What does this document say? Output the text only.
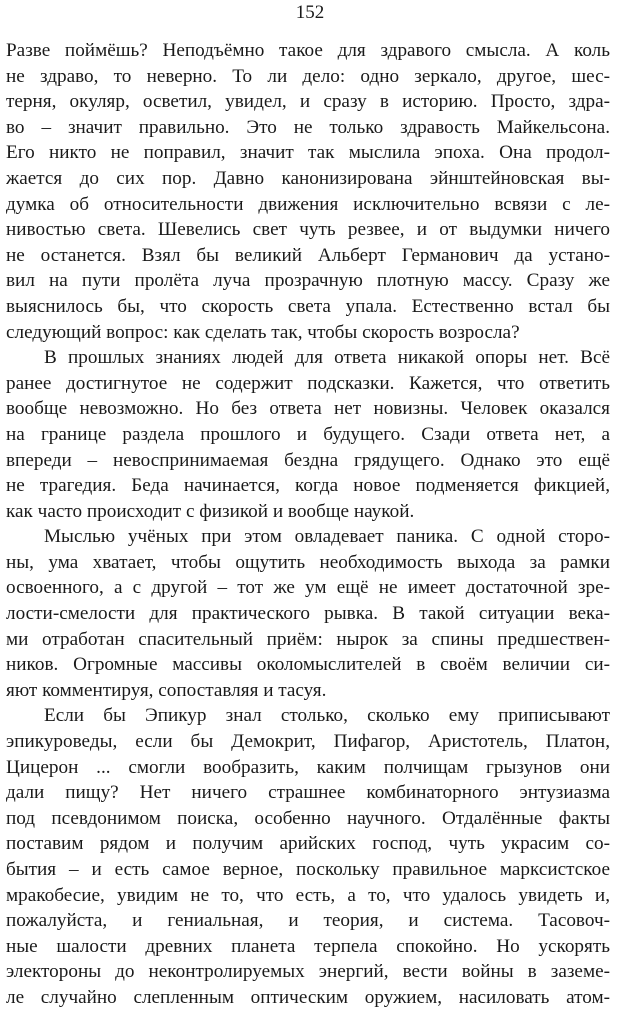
152
Разве поймёшь? Неподъёмно такое для здравого смысла. А коль
не здраво, то неверно. То ли дело: одно зеркало, другое, шес-
терня, окуляр, осветил, увидел, и сразу в историю. Просто, здра-
во – значит правильно. Это не только здравость Майкельсона.
Его никто не поправил, значит так мыслила эпоха. Она продол-
жается до сих пор. Давно канонизирована эйнштейновская вы-
думка об относительности движения исключительно всвязи с ле-
нивостью света. Шевелись свет чуть резвее, и от выдумки ничего
не останется. Взял бы великий Альберт Германович да устано-
вил на пути пролёта луча прозрачную плотную массу. Сразу же
выяснилось бы, что скорость света упала. Естественно встал бы
следующий вопрос: как сделать так, чтобы скорость возросла?
В прошлых знаниях людей для ответа никакой опоры нет. Всё
ранее достигнутое не содержит подсказки. Кажется, что ответить
вообще невозможно. Но без ответа нет новизны. Человек оказался
на границе раздела прошлого и будущего. Сзади ответа нет, а
впереди – невоспринимаемая бездна грядущего. Однако это ещё
не трагедия. Беда начинается, когда новое подменяется фикцией,
как часто происходит с физикой и вообще наукой.
Мыслью учёных при этом овладевает паника. С одной сторо-
ны, ума хватает, чтобы ощутить необходимость выхода за рамки
освоенного, а с другой – тот же ум ещё не имеет достаточной зре-
лости-смелости для практического рывка. В такой ситуации века-
ми отработан спасительный приём: нырок за спины предшествен-
ников. Огромные массивы околомыслителей в своём величии си-
яют комментируя, сопоставляя и тасуя.
Если бы Эпикур знал столько, сколько ему приписывают
эпикуроведы, если бы Демокрит, Пифагор, Аристотель, Платон,
Цицерон ... смогли вообразить, каким полчищам грызунов они
дали пищу? Нет ничего страшнее комбинаторного энтузиазма
под псевдонимом поиска, особенно научного. Отдалённые факты
поставим рядом и получим арийских господ, чуть украсим со-
бытия – и есть самое верное, поскольку правильное марксистское
мракобесие, увидим не то, что есть, а то, что удалось увидеть и,
пожалуйста, и гениальная, и теория, и система. Тасовоч-
ные шалости древних планета терпела спокойно. Но ускорять
электороны до неконтролируемых энергий, вести войны в заземе-
ле случайно слепленным оптическим оружием, насиловать атом-
